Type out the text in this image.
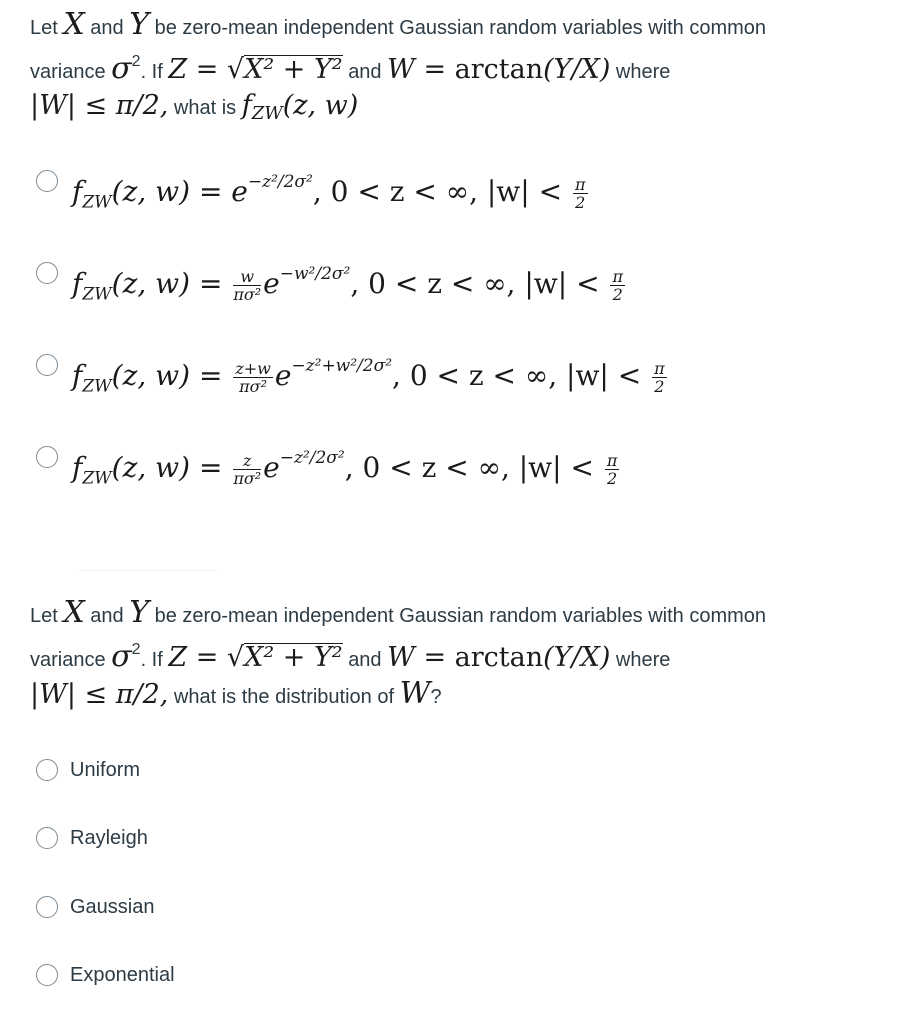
Let X and Y be zero-mean independent Gaussian random variables with common
variance $\sigma^2$. If Z = √X² + Y² and W = arctan(Y/X) where
|W| ≤ π/2, what is $f_{ZW}(z$, w)
$f_{ZW}(z$, $w) = e^{-z^2/2\sigma^2}$, 0 < z < ∞, $|w| < \frac{\pi}{2}$
$f_{ZW}(z$, $w) = \frac{w}{\text{πσ²}} e^{-w^2/2\sigma^2}$, 0 < z < ∞, $|w| < \frac{\pi}{2}$
$f_{ZW}(z$, $w) = \frac{z+w}{\text{πσ²}} e^{-z^2+w^2/2\sigma^2}$, 0 < z < ∞, $|w| < \frac{\pi}{2}$
$f_{ZW}(z$, $w) = \frac{z}{\text{πσ²}} e^{-z^2/2\sigma^2}$, 0 < z < ∞, $|w| < \frac{\pi}{2}$
Let X and Y be zero-mean independent Gaussian random variables with common
variance $\sigma^2$. If Z = √X² + Y² and W = arctan(Y/X) where
|W| ≤ π/2, what is the distribution of W?
Uniform
Rayleigh
Gaussian
Exponential
